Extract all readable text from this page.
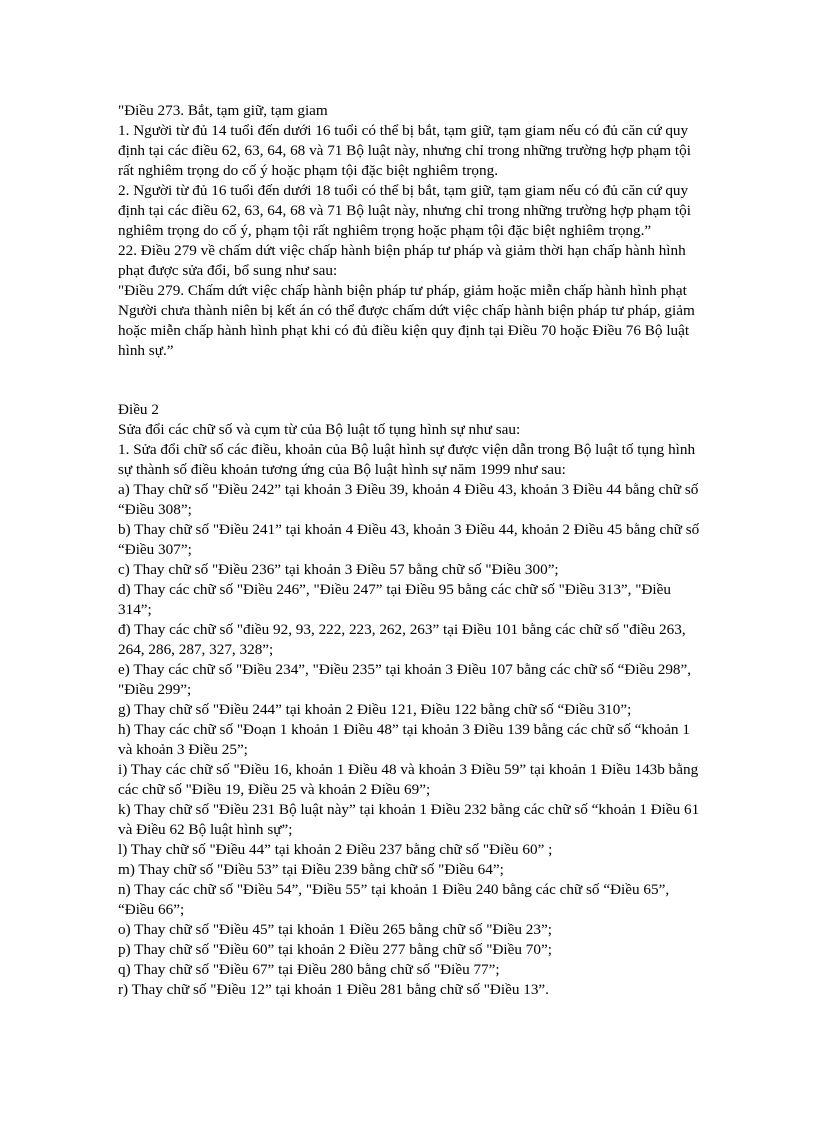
"Điều 273. Bắt, tạm giữ, tạm giam

1. Người từ đủ 14 tuổi đến dưới 16 tuổi có thể bị bắt, tạm giữ, tạm giam nếu có đủ căn cứ quy định tại các điều 62, 63, 64, 68 và 71 Bộ luật này, nhưng chỉ trong những trường hợp phạm tội rất nghiêm trọng do cố ý hoặc phạm tội đặc biệt nghiêm trọng.

2. Người từ đủ 16 tuổi đến dưới 18 tuổi có thể bị bắt, tạm giữ, tạm giam nếu có đủ căn cứ quy định tại các điều 62, 63, 64, 68 và 71 Bộ luật này, nhưng chỉ trong những trường hợp phạm tội nghiêm trọng do cố ý, phạm tội rất nghiêm trọng hoặc phạm tội đặc biệt nghiêm trọng.”

22. Điều 279 về chấm dứt việc chấp hành biện pháp tư pháp và giảm thời hạn chấp hành hình phạt được sửa đổi, bổ sung như sau:

"Điều 279. Chấm dứt việc chấp hành biện pháp tư pháp, giảm hoặc miễn chấp hành hình phạt

Người chưa thành niên bị kết án có thể được chấm dứt việc chấp hành biện pháp tư pháp, giảm hoặc miễn chấp hành hình phạt khi có đủ điều kiện quy định tại Điều 70 hoặc Điều 76 Bộ luật hình sự.”

Điều 2

Sửa đổi các chữ số và cụm từ của Bộ luật tố tụng hình sự như sau:

1. Sửa đổi chữ số các điều, khoản của Bộ luật hình sự được viện dẫn trong Bộ luật tố tụng hình sự thành số điều khoản tương ứng của Bộ luật hình sự năm 1999 như sau:

a) Thay chữ số "Điều 242” tại khoản 3 Điều 39, khoản 4 Điều 43, khoản 3 Điều 44 bằng chữ số “Điều 308”;

b) Thay chữ số "Điều 241” tại khoản 4 Điều 43, khoản 3 Điều 44, khoản 2 Điều 45 bằng chữ số “Điều 307”;

c) Thay chữ số "Điều 236” tại khoản 3 Điều 57 bằng chữ số "Điều 300”;

d) Thay các chữ số "Điều 246”, "Điều 247” tại Điều 95 bằng các chữ số "Điều 313”, "Điều 314”;

đ) Thay các chữ số "điều 92, 93, 222, 223, 262, 263” tại Điều 101 bằng các chữ số "điều 263, 264, 286, 287, 327, 328”;

e) Thay các chữ số "Điều 234”, "Điều 235” tại khoản 3 Điều 107 bằng các chữ số “Điều 298”, "Điều 299”;

g) Thay chữ số "Điều 244” tại khoản 2 Điều 121, Điều 122 bằng chữ số “Điều 310”;

h) Thay các chữ số "Đoạn 1 khoản 1 Điều 48” tại khoản 3 Điều 139 bằng các chữ số “khoản 1 và khoản 3 Điều 25”;

i) Thay các chữ số "Điều 16, khoản 1 Điều 48 và khoản 3 Điều 59” tại khoản 1 Điều 143b bằng các chữ số "Điều 19, Điều 25 và khoản 2 Điều 69”;

k) Thay chữ số "Điều 231 Bộ luật này” tại khoản 1 Điều 232 bằng các chữ số “khoản 1 Điều 61 và Điều 62 Bộ luật hình sự”;

l) Thay chữ số "Điều 44” tại khoản 2 Điều 237 bằng chữ số "Điều 60” ;

m) Thay chữ số "Điều 53” tại Điều 239 bằng chữ số "Điều 64”;

n) Thay các chữ số "Điều 54”, "Điều 55” tại khoản 1 Điều 240 bằng các chữ số “Điều 65”, “Điều 66”;

o) Thay chữ số "Điều 45” tại khoản 1 Điều 265 bằng chữ số "Điều 23”;

p) Thay chữ số "Điều 60” tại khoản 2 Điều 277 bằng chữ số "Điều 70”;

q) Thay chữ số "Điều 67” tại Điều 280 bằng chữ số "Điều 77”;

r) Thay chữ số "Điều 12” tại khoản 1 Điều 281 bằng chữ số "Điều 13”.
